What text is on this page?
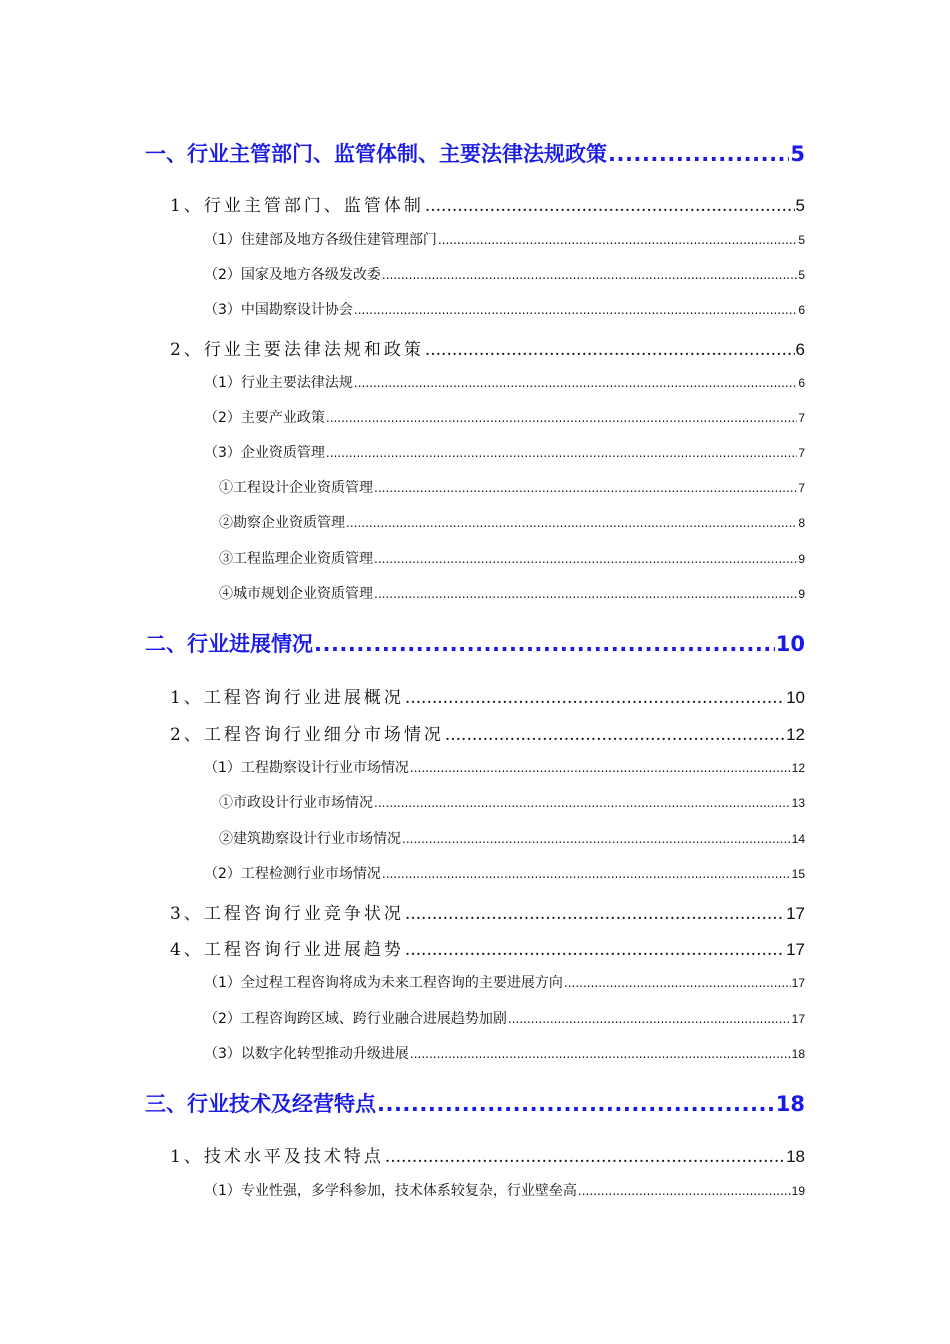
一、行业主管部门、监管体制、主要法律法规政策 .....	5
1、行业主管部门、监管体制 .....	5
（1）住建部及地方各级住建管理部门 .....	5
（2）国家及地方各级发改委 .....	5
（3）中国勘察设计协会 .....	6
2、行业主要法律法规和政策 .....	6
（1）行业主要法律法规 .....	6
（2）主要产业政策 .....	7
（3）企业资质管理 .....	7
①工程设计企业资质管理 .....	7
②勘察企业资质管理 .....	8
③工程监理企业资质管理 .....	9
④城市规划企业资质管理 .....	9
二、行业进展情况 .....	10
1、工程咨询行业进展概况 .....	10
2、工程咨询行业细分市场情况 .....	12
（1）工程勘察设计行业市场情况 .....	12
①市政设计行业市场情况 .....	13
②建筑勘察设计行业市场情况 .....	14
（2）工程检测行业市场情况 .....	15
3、工程咨询行业竞争状况 .....	17
4、工程咨询行业进展趋势 .....	17
（1）全过程工程咨询将成为未来工程咨询的主要进展方向 .....	17
（2）工程咨询跨区域、跨行业融合进展趋势加剧 .....	17
（3）以数字化转型推动升级进展 .....	18
三、行业技术及经营特点 .....	18
1、技术水平及技术特点 .....	18
（1）专业性强，多学科参加，技术体系较复杂，行业壁垒高 .....	19
